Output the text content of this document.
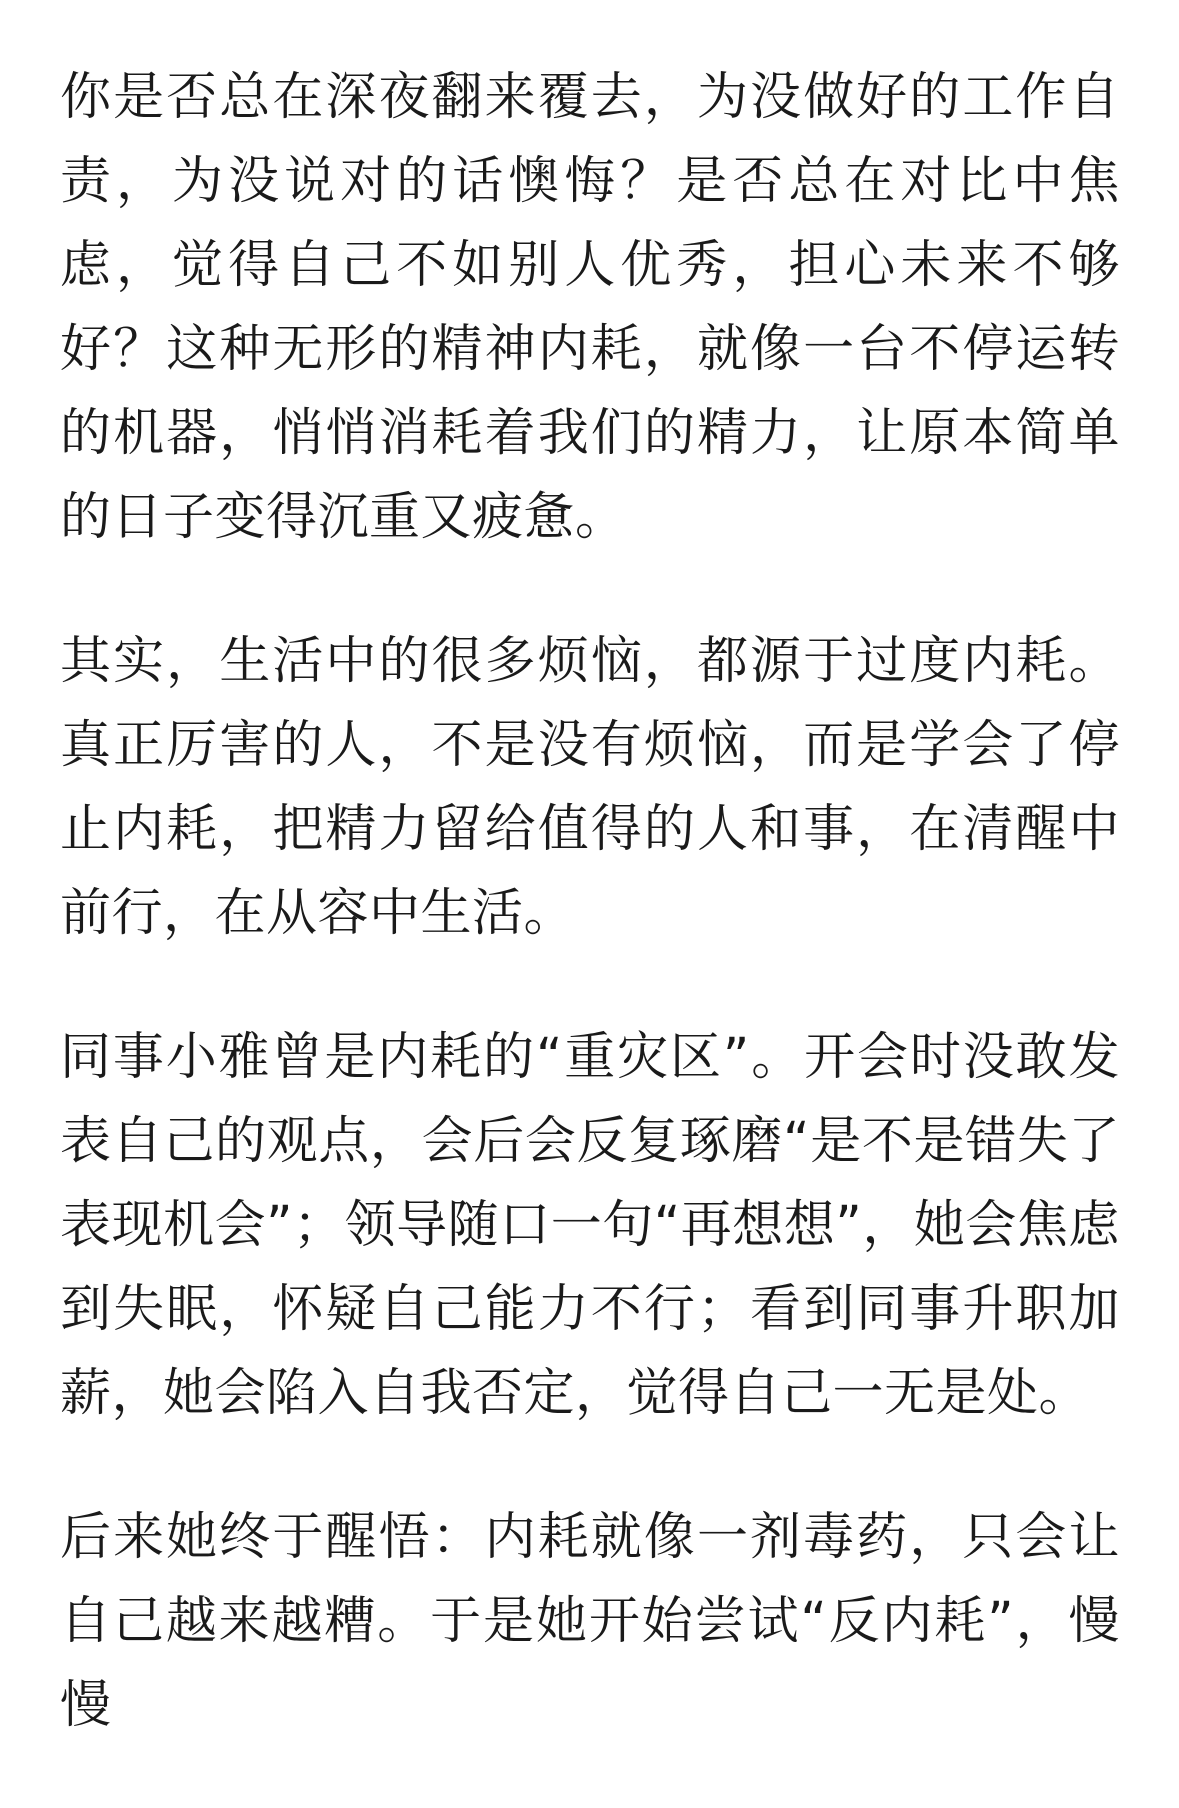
你是否总在深夜翻来覆去，为没做好的工作自责，为没说对的话懊悔？是否总在对比中焦虑，觉得自己不如别人优秀，担心未来不够好？这种无形的精神内耗，就像一台不停运转的机器，悄悄消耗着我们的精力，让原本简单的日子变得沉重又疲惫。

其实，生活中的很多烦恼，都源于过度内耗。真正厉害的人，不是没有烦恼，而是学会了停止内耗，把精力留给值得的人和事，在清醒中前行，在从容中生活。

同事小雅曾是内耗的“重灾区”。开会时没敢发表自己的观点，会后会反复琢磨“是不是错失了表现机会”；领导随口一句“再想想”，她会焦虑到失眠，怀疑自己能力不行；看到同事升职加薪，她会陷入自我否定，觉得自己一无是处。

后来她终于醒悟：内耗就像一剂毒药，只会让自己越来越糟。于是她开始尝试“反内耗”，慢慢
